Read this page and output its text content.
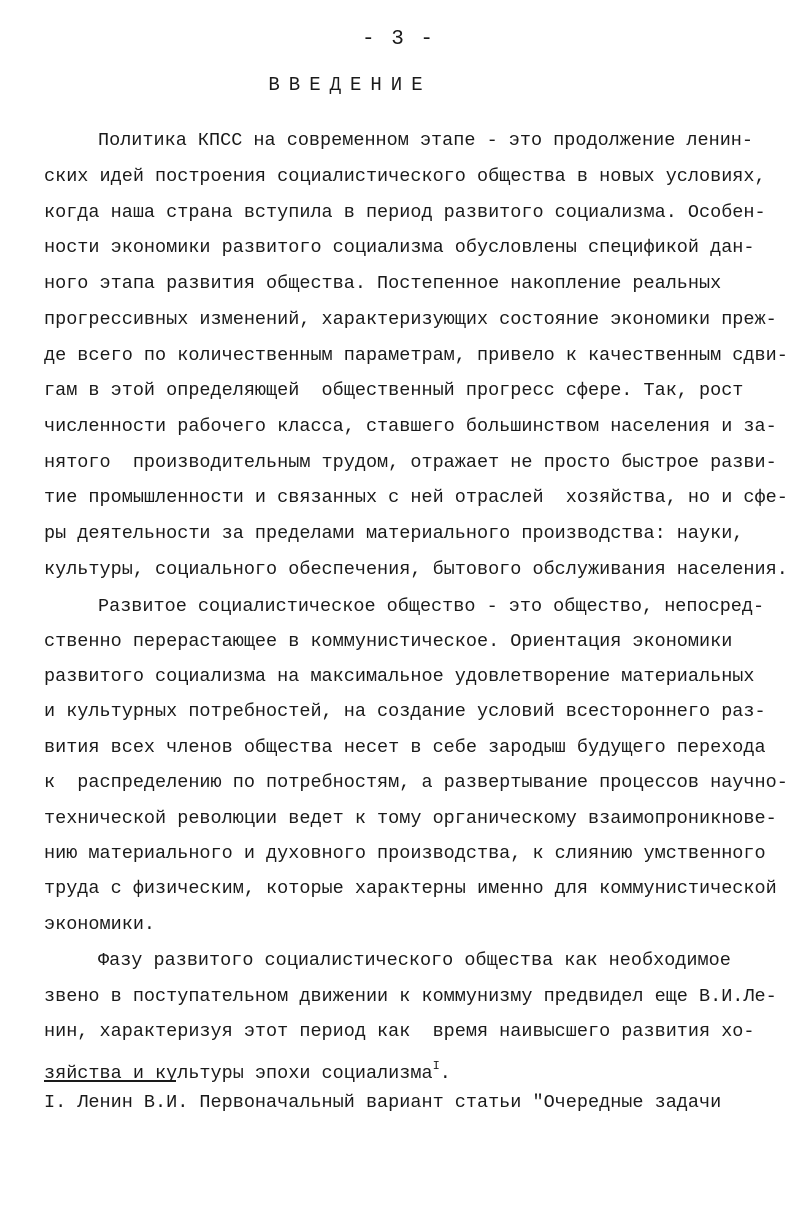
- 3 -
ВВЕДЕНИЕ
Политика КПСС на современном этапе - это продолжение ленин-
ских идей построения социалистического общества в новых условиях,
когда наша страна вступила в период развитого социализма. Особен-
ности экономики развитого социализма обусловлены спецификой дан-
ного этапа развития общества. Постепенное накопление реальных
прогрессивных изменений, характеризующих состояние экономики преж-
де всего по количественным параметрам, привело к качественным сдви-
гам в этой определяющей  общественный прогресс сфере. Так, рост
численности рабочего класса, ставшего большинством населения и за-
нятого  производительным трудом, отражает не просто быстрое разви-
тие промышленности и связанных с ней отраслей  хозяйства, но и сфе-
ры деятельности за пределами материального производства: науки,
культуры, социального обеспечения, бытового обслуживания населения.
Развитое социалистическое общество - это общество, непосред-
ственно перерастающее в коммунистическое. Ориентация экономики
развитого социализма на максимальное удовлетворение материальных
и культурных потребностей, на создание условий всестороннего раз-
вития всех членов общества несет в себе зародыш будущего перехода
к  распределению по потребностям, а развертывание процессов научно-
технической революции ведет к тому органическому взаимопроникнове-
нию материального и духовного производства, к слиянию умственного
труда с физическим, которые характерны именно для коммунистической
экономики.
Фазу развитого социалистического общества как необходимое
звено в поступательном движении к коммунизму предвидел еще В.И.Ле-
нин, характеризуя этот период как  время наивысшего развития хо-
зяйства и культуры эпохи социализма$^I$.
I. Ленин В.И. Первоначальный вариант статьи "Очередные задачи
